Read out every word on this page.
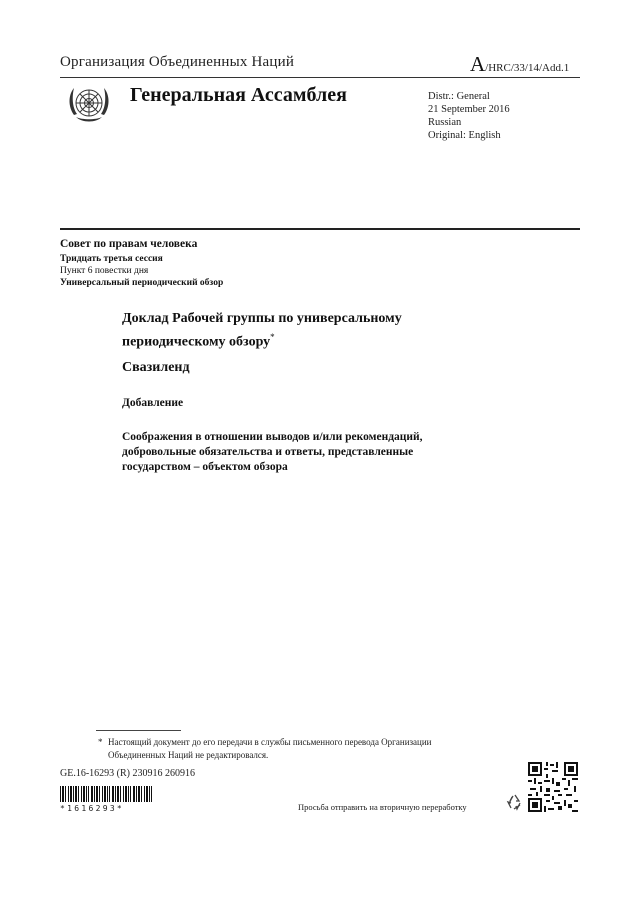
Организация Объединенных Наций	A/HRC/33/14/Add.1
Генеральная Ассамблея	Distr.: General
21 September 2016
Russian
Original: English
Совет по правам человека
Тридцать третья сессия
Пункт 6 повестки дня
Универсальный периодический обзор
Доклад Рабочей группы по универсальному
периодическому обзору*
Свазиленд
Добавление
Соображения в отношении выводов и/или рекомендаций,
добровольные обязательства и ответы, представленные
государством – объектом обзора
* Настоящий документ до его передачи в службы письменного перевода Организации
Объединенных Наций не редактировался.
GE.16-16293 (R) 230916 260916
*1616293*	Просьба отправить на вторичную переработку
